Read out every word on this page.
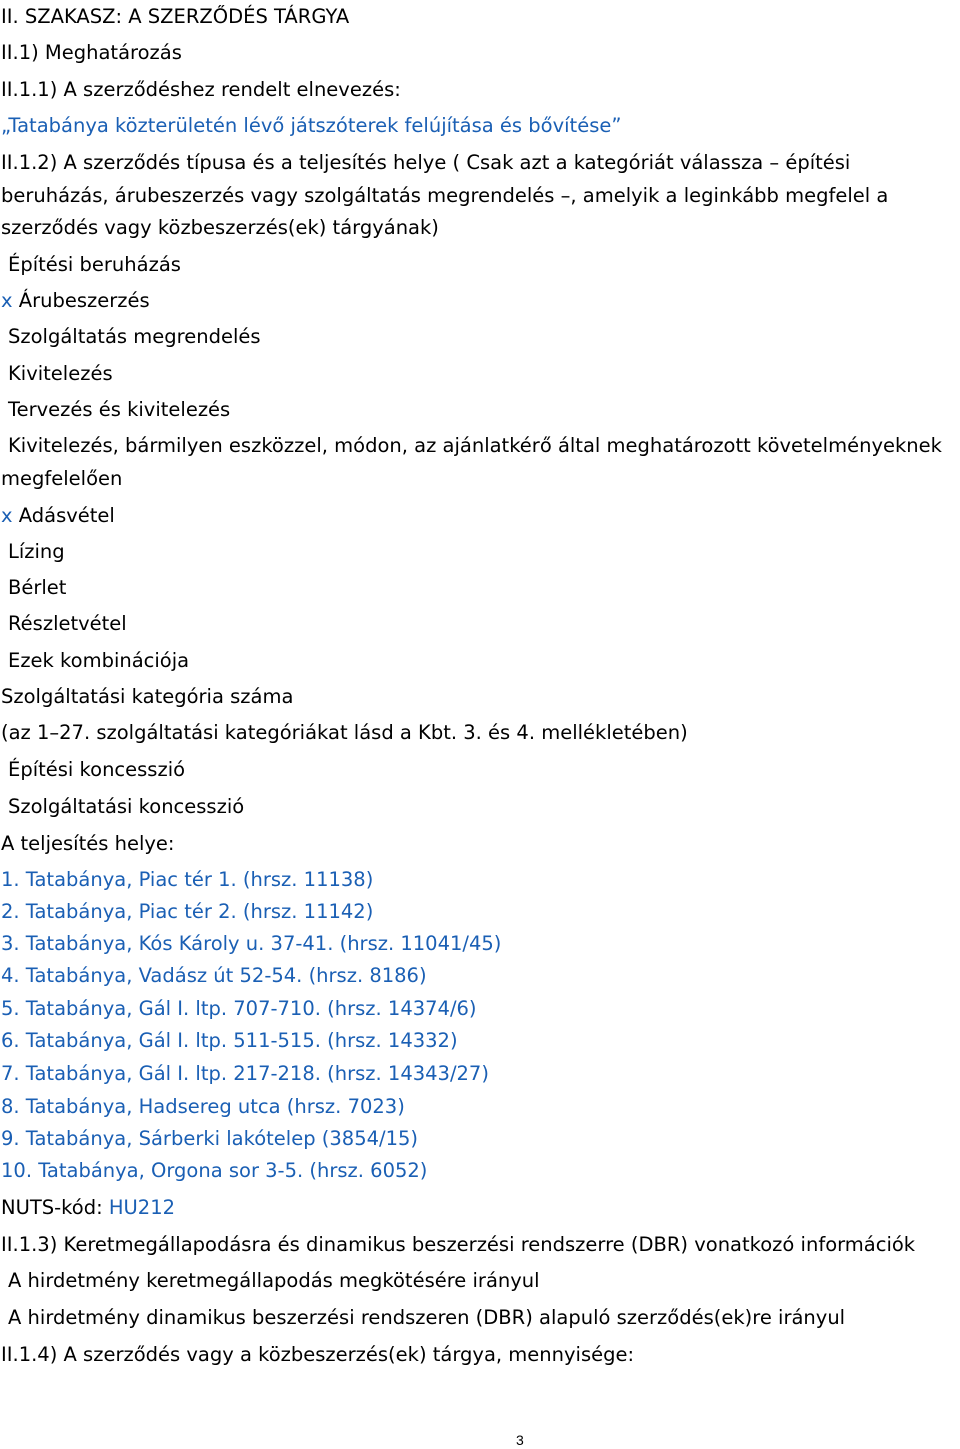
II. SZAKASZ: A SZERZŐDÉS TÁRGYA
II.1) Meghatározás
II.1.1) A szerződéshez rendelt elnevezés:
„Tatabánya közterületén lévő játszóterek felújítása és bővítése”
II.1.2) A szerződés típusa és a teljesítés helye ( Csak azt a kategóriát válassza – építési
beruházás, árubeszerzés vagy szolgáltatás megrendelés –, amelyik a leginkább megfelel a
szerződés vagy közbeszerzés(ek) tárgyának)
Építési beruházás
x Árubeszerzés
Szolgáltatás megrendelés
Kivitelezés
Tervezés és kivitelezés
Kivitelezés, bármilyen eszközzel, módon, az ajánlatkérő által meghatározott követelményeknek
megfelelően
x Adásvétel
Lízing
Bérlet
Részletvétel
Ezek kombinációja
Szolgáltatási kategória száma
(az 1–27. szolgáltatási kategóriákat lásd a Kbt. 3. és 4. mellékletében)
Építési koncesszió
Szolgáltatási koncesszió
A teljesítés helye:
1. Tatabánya, Piac tér 1. (hrsz. 11138)
2. Tatabánya, Piac tér 2. (hrsz. 11142)
3. Tatabánya, Kós Károly u. 37-41. (hrsz. 11041/45)
4. Tatabánya, Vadász út 52-54. (hrsz. 8186)
5. Tatabánya, Gál I. ltp. 707-710. (hrsz. 14374/6)
6. Tatabánya, Gál I. ltp. 511-515. (hrsz. 14332)
7. Tatabánya, Gál I. ltp. 217-218. (hrsz. 14343/27)
8. Tatabánya, Hadsereg utca (hrsz. 7023)
9. Tatabánya, Sárberki lakótelep (3854/15)
10. Tatabánya, Orgona sor 3-5. (hrsz. 6052)
NUTS-kód: HU212
II.1.3) Keretmegállapodásra és dinamikus beszerzési rendszerre (DBR) vonatkozó információk
A hirdetmény keretmegállapodás megkötésére irányul
A hirdetmény dinamikus beszerzési rendszeren (DBR) alapuló szerződés(ek)re irányul
II.1.4) A szerződés vagy a közbeszerzés(ek) tárgya, mennyisége:
3
